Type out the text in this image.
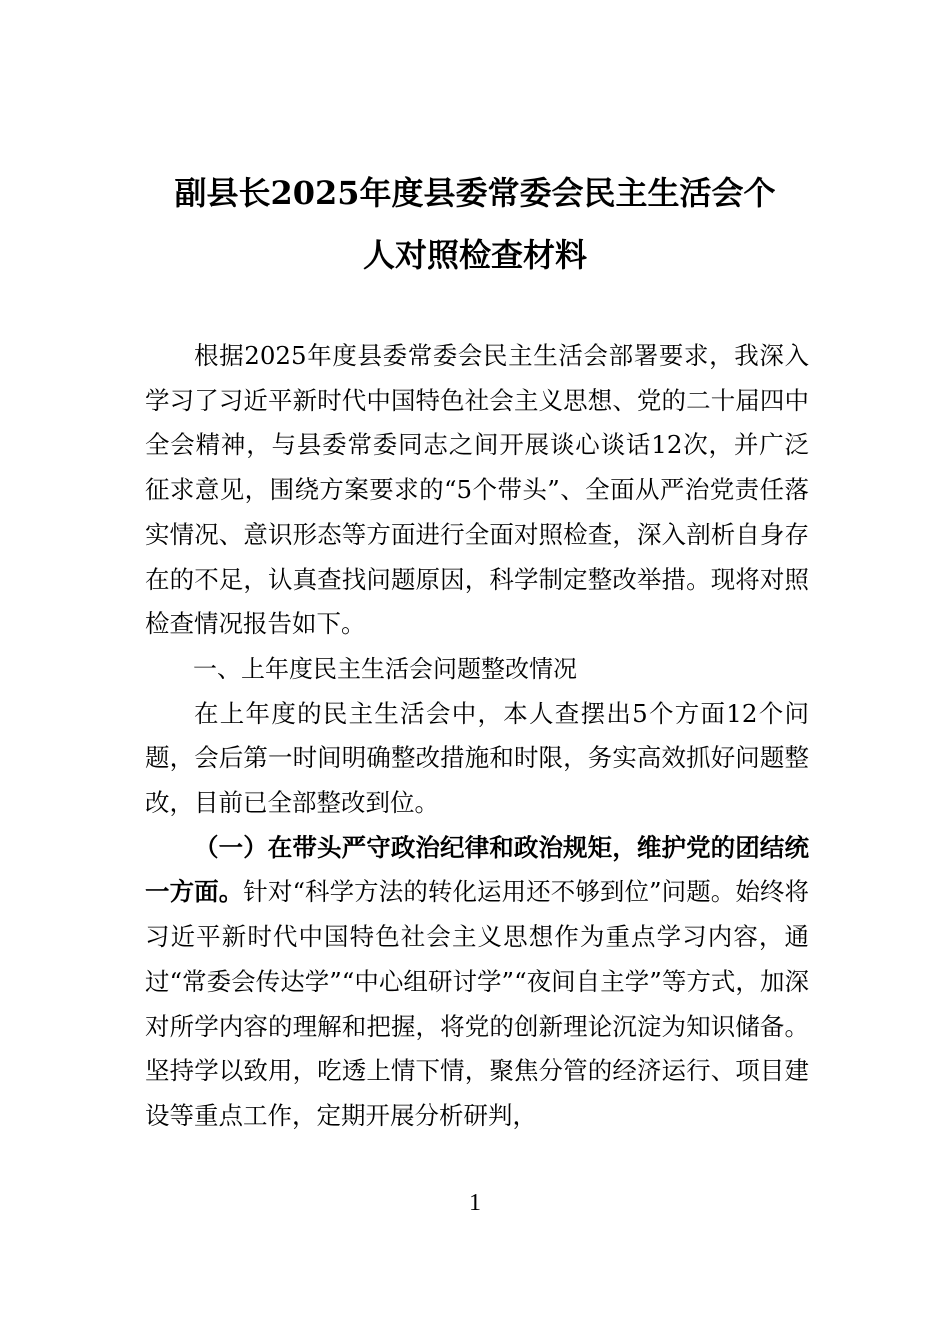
副县长2025年度县委常委会民主生活会个
人对照检查材料

根据2025年度县委常委会民主生活会部署要求，我深入学习了习近平新时代中国特色社会主义思想、党的二十届四中全会精神，与县委常委同志之间开展谈心谈话12次，并广泛征求意见，围绕方案要求的“5个带头”、全面从严治党责任落实情况、意识形态等方面进行全面对照检查，深入剖析自身存在的不足，认真查找问题原因，科学制定整改举措。现将对照检查情况报告如下。

一、上年度民主生活会问题整改情况

在上年度的民主生活会中，本人查摆出5个方面12个问题，会后第一时间明确整改措施和时限，务实高效抓好问题整改，目前已全部整改到位。

（一）在带头严守政治纪律和政治规矩，维护党的团结统一方面。针对“科学方法的转化运用还不够到位”问题。始终将习近平新时代中国特色社会主义思想作为重点学习内容，通过“常委会传达学”“中心组研讨学”“夜间自主学”等方式，加深对所学内容的理解和把握，将党的创新理论沉淀为知识储备。坚持学以致用，吃透上情下情，聚焦分管的经济运行、项目建设等重点工作，定期开展分析研判，

1
